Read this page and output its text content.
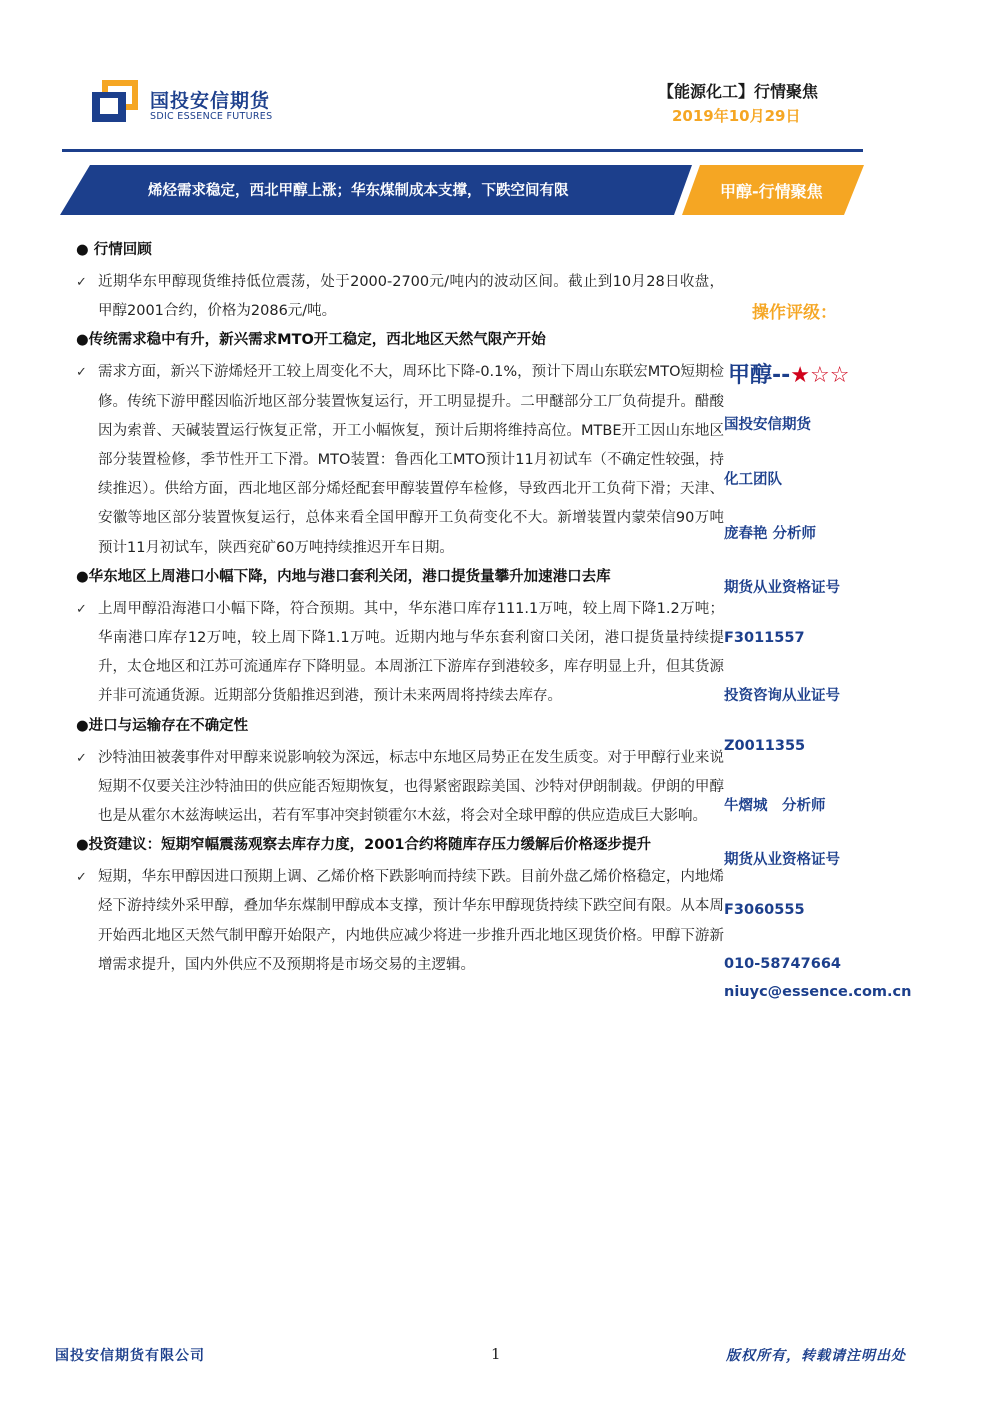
国投安信期货
SDIC ESSENCE FUTURES
【能源化工】行情聚焦
2019年10月29日
烯烃需求稳定，西北甲醇上涨；华东煤制成本支撑，下跌空间有限	甲醇-行情聚焦
● 行情回顾
✓ 近期华东甲醇现货维持低位震荡，处于2000-2700元/吨内的波动区间。截止到10月28日收盘，甲醇2001合约，价格为2086元/吨。
●传统需求稳中有升，新兴需求MTO开工稳定，西北地区天然气限产开始
✓ 需求方面，新兴下游烯烃开工较上周变化不大，周环比下降-0.1%，预计下周山东联宏MTO短期检修。传统下游甲醛因临沂地区部分装置恢复运行，开工明显提升。二甲醚部分工厂负荷提升。醋酸因为索普、天碱装置运行恢复正常，开工小幅恢复，预计后期将维持高位。MTBE开工因山东地区部分装置检修，季节性开工下滑。MTO装置：鲁西化工MTO预计11月初试车（不确定性较强，持续推迟）。供给方面，西北地区部分烯烃配套甲醇装置停车检修，导致西北开工负荷下滑；天津、安徽等地区部分装置恢复运行，总体来看全国甲醇开工负荷变化不大。新增装置内蒙荣信90万吨预计11月初试车，陕西兖矿60万吨持续推迟开车日期。
●华东地区上周港口小幅下降，内地与港口套利关闭，港口提货量攀升加速港口去库
✓ 上周甲醇沿海港口小幅下降，符合预期。其中，华东港口库存111.1万吨，较上周下降1.2万吨；华南港口库存12万吨，较上周下降1.1万吨。近期内地与华东套利窗口关闭，港口提货量持续提升，太仓地区和江苏可流通库存下降明显。本周浙江下游库存到港较多，库存明显上升，但其货源并非可流通货源。近期部分货船推迟到港，预计未来两周将持续去库存。
●进口与运输存在不确定性
✓ 沙特油田被袭事件对甲醇来说影响较为深远，标志中东地区局势正在发生质变。对于甲醇行业来说短期不仅要关注沙特油田的供应能否短期恢复，也得紧密跟踪美国、沙特对伊朗制裁。伊朗的甲醇也是从霍尔木兹海峡运出，若有军事冲突封锁霍尔木兹，将会对全球甲醇的供应造成巨大影响。
●投资建议：短期窄幅震荡观察去库存力度，2001合约将随库存压力缓解后价格逐步提升
✓ 短期，华东甲醇因进口预期上调、乙烯价格下跌影响而持续下跌。目前外盘乙烯价格稳定，内地烯烃下游持续外采甲醇，叠加华东煤制甲醇成本支撑，预计华东甲醇现货持续下跌空间有限。从本周开始西北地区天然气制甲醇开始限产，内地供应减少将进一步推升西北地区现货价格。甲醇下游新增需求提升，国内外供应不及预期将是市场交易的主逻辑。
操作评级：
甲醇--★☆☆
国投安信期货
化工团队
庞春艳 分析师
期货从业资格证号
F3011557
投资咨询从业证号
Z0011355
牛熠城　分析师
期货从业资格证号
F3060555
010-58747664
niuyc@essence.com.cn
国投安信期货有限公司	1	版权所有，转载请注明出处
